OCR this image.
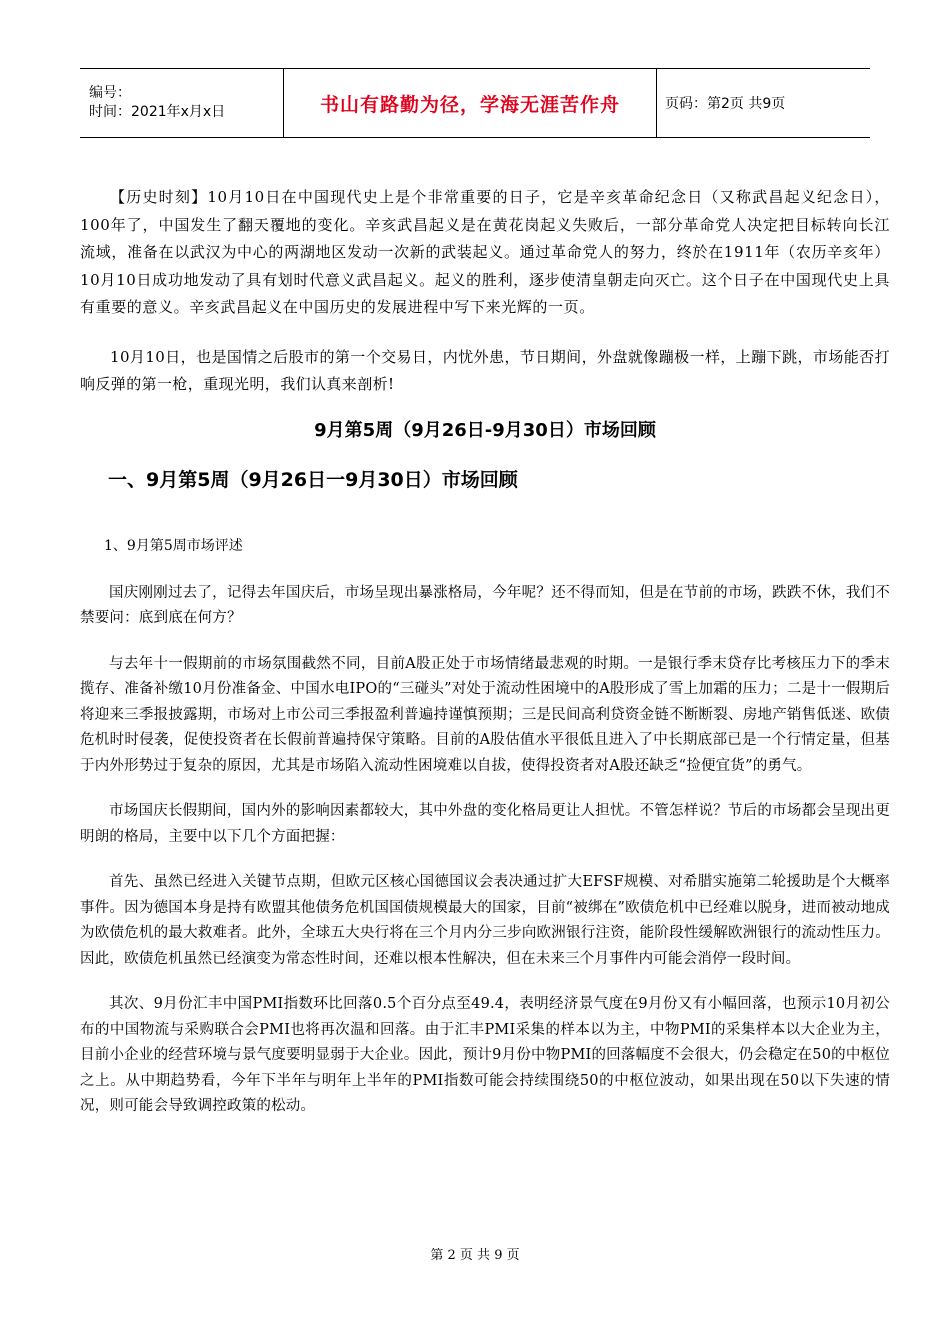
编号：
时间：2021年x月x日	书山有路勤为径，学海无涯苦作舟	页码：第2页 共9页

【历史时刻】10月10日在中国现代史上是个非常重要的日子，它是辛亥革命纪念日（又称武昌起义纪念日），100年了，中国发生了翻天覆地的变化。辛亥武昌起义是在黄花岗起义失败后，一部分革命党人决定把目标转向长江流域，准备在以武汉为中心的两湖地区发动一次新的武装起义。通过革命党人的努力，终於在1911年（农历辛亥年）10月10日成功地发动了具有划时代意义武昌起义。起义的胜利，逐步使清皇朝走向灭亡。这个日子在中国现代史上具有重要的意义。辛亥武昌起义在中国历史的发展进程中写下来光辉的一页。

10月10日，也是国情之后股市的第一个交易日，内忧外患，节日期间，外盘就像蹦极一样，上蹦下跳，市场能否打响反弹的第一枪，重现光明，我们认真来剖析!

9月第5周（9月26日-9月30日）市场回顾
一、9月第5周（9月26日一9月30日）市场回顾
1、9月第5周市场评述

国庆刚刚过去了，记得去年国庆后，市场呈现出暴涨格局，今年呢？还不得而知，但是在节前的市场，跌跌不休，我们不禁要问：底到底在何方？

与去年十一假期前的市场氛围截然不同，目前A股正处于市场情绪最悲观的时期。一是银行季末贷存比考核压力下的季末揽存、准备补缴10月份准备金、中国水电IPO的“三碰头”对处于流动性困境中的A股形成了雪上加霜的压力；二是十一假期后将迎来三季报披露期，市场对上市公司三季报盈利普遍持谨慎预期；三是民间高利贷资金链不断断裂、房地产销售低迷、欧债危机时时侵袭，促使投资者在长假前普遍持保守策略。目前的A股估值水平很低且进入了中长期底部已是一个行情定量，但基于内外形势过于复杂的原因，尤其是市场陷入流动性困境难以自拔，使得投资者对A股还缺乏“捡便宜货”的勇气。

市场国庆长假期间，国内外的影响因素都较大，其中外盘的变化格局更让人担忧。不管怎样说？节后的市场都会呈现出更明朗的格局，主要中以下几个方面把握：

首先、虽然已经进入关键节点期，但欧元区核心国德国议会表决通过扩大EFSF规模、对希腊实施第二轮援助是个大概率事件。因为德国本身是持有欧盟其他债务危机国国债规模最大的国家，目前“被绑在”欧债危机中已经难以脱身，进而被动地成为欧债危机的最大救难者。此外，全球五大央行将在三个月内分三步向欧洲银行注资，能阶段性缓解欧洲银行的流动性压力。因此，欧债危机虽然已经演变为常态性时间，还难以根本性解决，但在未来三个月事件内可能会消停一段时间。

其次、9月份汇丰中国PMI指数环比回落0.5个百分点至49.4，表明经济景气度在9月份又有小幅回落，也预示10月初公布的中国物流与采购联合会PMI也将再次温和回落。由于汇丰PMI采集的样本以为主，中物PMI的采集样本以大企业为主，目前小企业的经营环境与景气度要明显弱于大企业。因此，预计9月份中物PMI的回落幅度不会很大，仍会稳定在50的中枢位之上。从中期趋势看，今年下半年与明年上半年的PMI指数可能会持续围绕50的中枢位波动，如果出现在50以下失速的情况，则可能会导致调控政策的松动。

第 2 页 共 9 页
